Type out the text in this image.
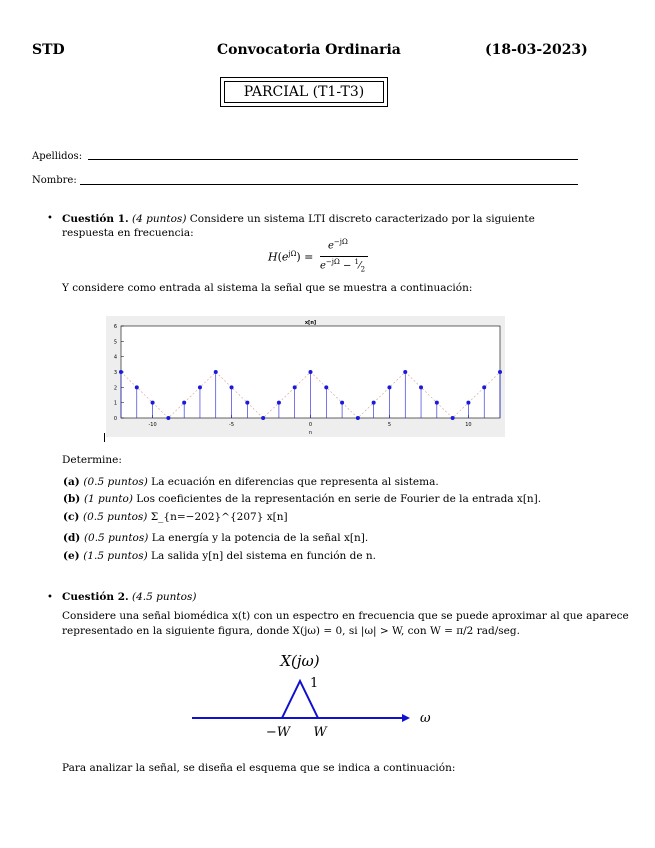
STD	Convocatoria Ordinaria	(18-03-2023)
PARCIAL (T1-T3)
Apellidos:
Nombre:
• Cuestión 1. (4 puntos) Considere un sistema LTI discreto caracterizado por la siguiente respuesta en frecuencia:
$H(e^{j\Omega})$ =
$e^{-j\Omega}$
$e^{-j\Omega}$ − $^1⁄_2$
Y considere como entrada al sistema la señal que se muestra a continuación:
0
1
2
3
4
5
6
-10	-5	0	5	10
x[n]
n
Determine:
(a) (0.5 puntos) La ecuación en diferencias que representa al sistema.
(b) (1 punto) Los coeficientes de la representación en serie de Fourier de la entrada x[n].
(c) (0.5 puntos) Σ_{n=−202}^{207} x[n]
(d) (0.5 puntos) La energía y la potencia de la señal x[n].
(e) (1.5 puntos) La salida y[n] del sistema en función de n.
• Cuestión 2. (4.5 puntos)
Considere una señal biomédica x(t) con un espectro en frecuencia que se puede aproximar al que aparece
representado en la siguiente figura, donde X(jω) = 0, si |ω| > W, con W = π/2 rad/seg.
X(jω)
1
−W W
ω
Para analizar la señal, se diseña el esquema que se indica a continuación:
